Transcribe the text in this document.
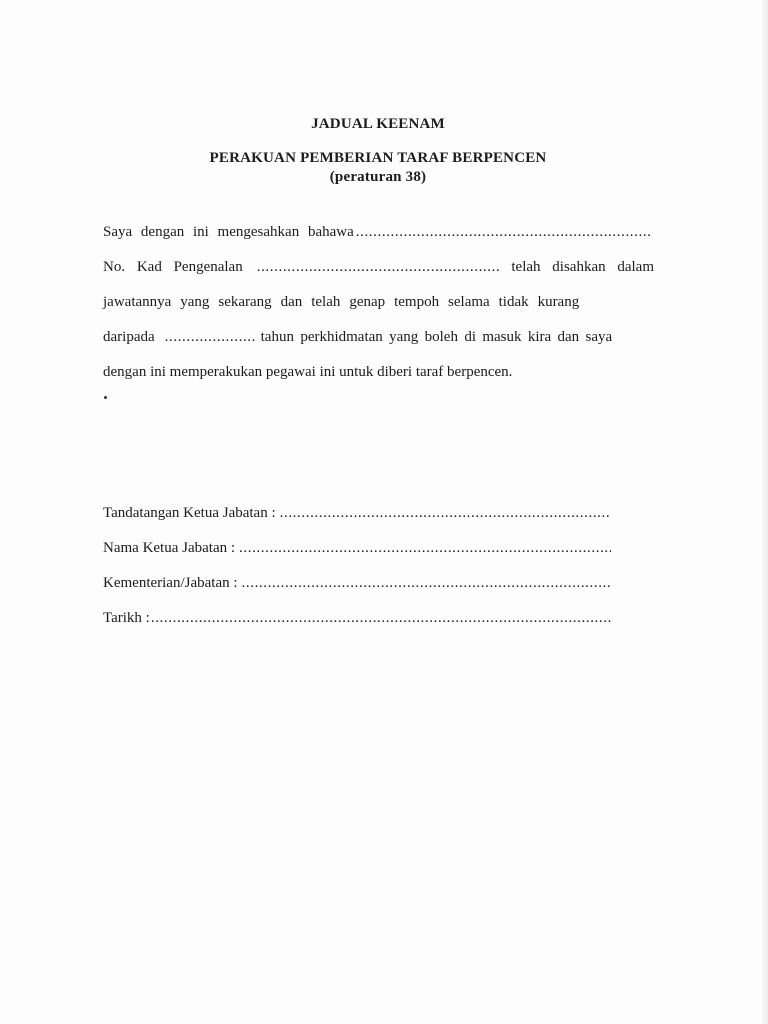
JADUAL KEENAM
PERAKUAN PEMBERIAN TARAF BERPENCEN
(peraturan 38)
Saya dengan ini mengesahkan bahawa
.....
No. Kad Pengenalan .....	telah disahkan dalam
jawatannya yang sekarang dan telah genap tempoh selama tidak kurang
daripada .....	tahun perkhidmatan yang boleh di masuk kira dan saya
dengan ini memperakukan pegawai ini untuk diberi taraf berpencen.
Tandatangan Ketua Jabatan :
.....
Nama Ketua Jabatan :
.....
Kementerian/Jabatan :
.....
Tarikh :
.....
